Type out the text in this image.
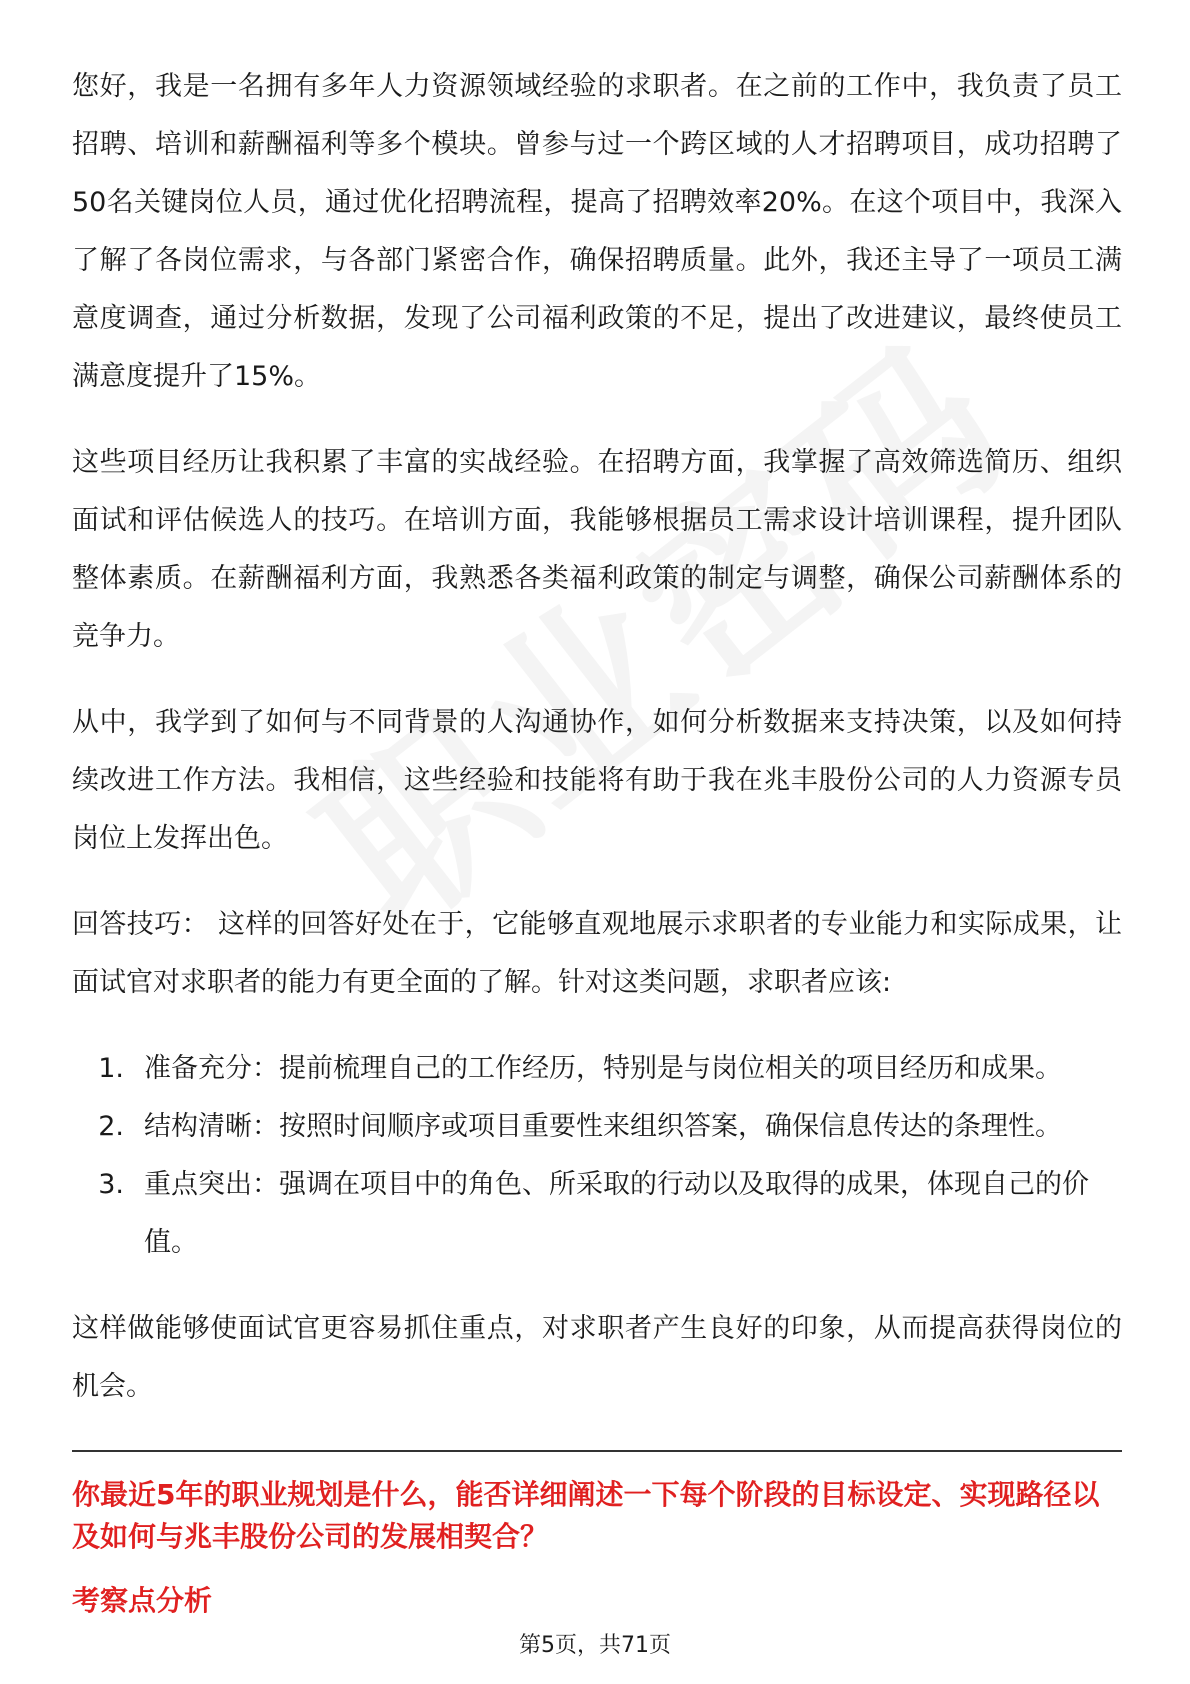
您好，我是一名拥有多年人力资源领域经验的求职者。在之前的工作中，我负责了员工招聘、培训和薪酬福利等多个模块。曾参与过一个跨区域的人才招聘项目，成功招聘了50名关键岗位人员，通过优化招聘流程，提高了招聘效率20%。在这个项目中，我深入了解了各岗位需求，与各部门紧密合作，确保招聘质量。此外，我还主导了一项员工满意度调查，通过分析数据，发现了公司福利政策的不足，提出了改进建议，最终使员工满意度提升了15%。

这些项目经历让我积累了丰富的实战经验。在招聘方面，我掌握了高效筛选简历、组织面试和评估候选人的技巧。在培训方面，我能够根据员工需求设计培训课程，提升团队整体素质。在薪酬福利方面，我熟悉各类福利政策的制定与调整，确保公司薪酬体系的竞争力。

从中，我学到了如何与不同背景的人沟通协作，如何分析数据来支持决策，以及如何持续改进工作方法。我相信，这些经验和技能将有助于我在兆丰股份公司的人力资源专员岗位上发挥出色。

回答技巧： 这样的回答好处在于，它能够直观地展示求职者的专业能力和实际成果，让面试官对求职者的能力有更全面的了解。针对这类问题，求职者应该:

1. 准备充分：提前梳理自己的工作经历，特别是与岗位相关的项目经历和成果。
2. 结构清晰：按照时间顺序或项目重要性来组织答案，确保信息传达的条理性。
3. 重点突出：强调在项目中的角色、所采取的行动以及取得的成果，体现自己的价值。

这样做能够使面试官更容易抓住重点，对求职者产生良好的印象，从而提高获得岗位的机会。

你最近5年的职业规划是什么，能否详细阐述一下每个阶段的目标设定、实现路径以及如何与兆丰股份公司的发展相契合？

考察点分析

第5页，共71页
